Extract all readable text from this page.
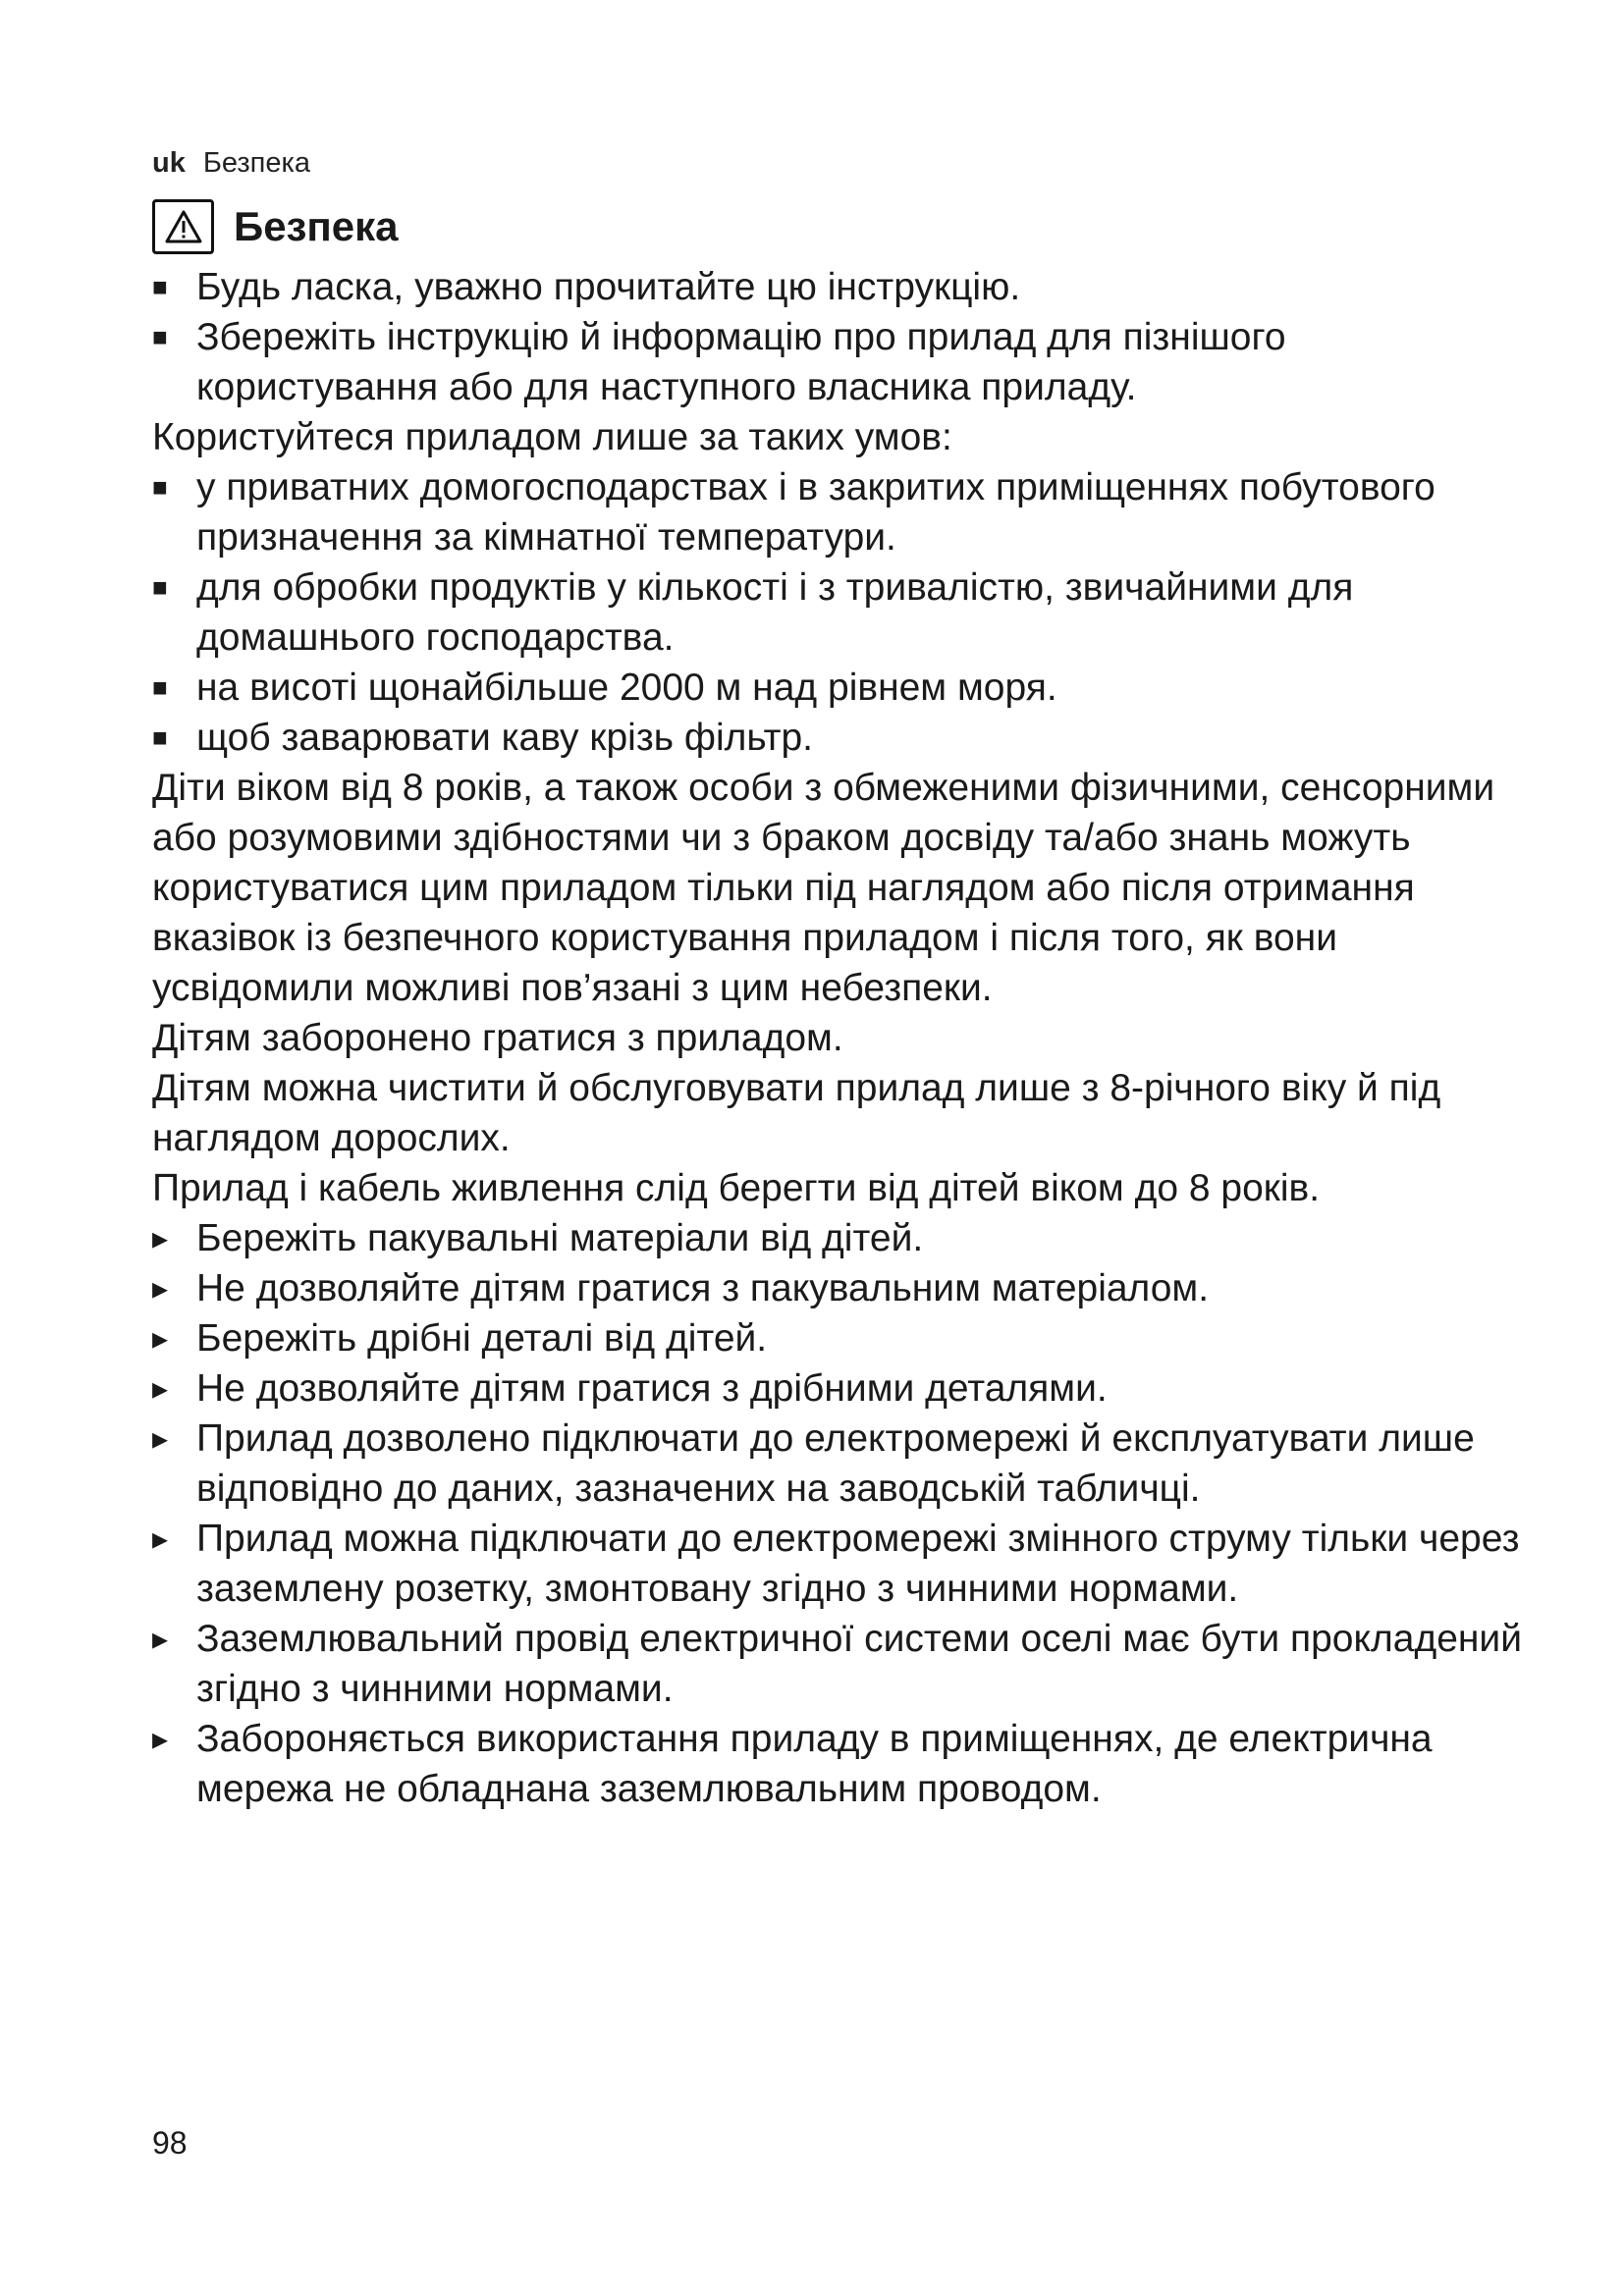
uk Безпека
Безпека
■
Будь ласка, уважно прочитайте цю інструкцію.
■
Збережіть інструкцію й інформацію про прилад для пізнішого користування або для наступного власника приладу.

Користуйтеся приладом лише за таких умов:

■
у приватних домогосподарствах і в закритих приміщеннях побутового призначення за кімнатної температури.
■
для обробки продуктів у кількості і з тривалістю, звичайними для домашнього господарства.
■
на висоті щонайбільше 2000 м над рівнем моря.
■
щоб заварювати каву крізь фільтр.

Діти віком від 8 років, а також особи з обмеженими фізичними, сенсорними або розумовими здібностями чи з браком досвіду та/або знань можуть користуватися цим приладом тільки під наглядом або після отримання вказівок із безпечного користування приладом і після того, як вони усвідомили можливі пов’язані з цим небезпеки.

Дітям заборонено гратися з приладом.

Дітям можна чистити й обслуговувати прилад лише з 8-річного віку й під наглядом дорослих.

Прилад і кабель живлення слід берегти від дітей віком до 8 років.

▸
Бережіть пакувальні матеріали від дітей.
▸
Не дозволяйте дітям гратися з пакувальним матеріалом.
▸
Бережіть дрібні деталі від дітей.
▸
Не дозволяйте дітям гратися з дрібними деталями.
▸
Прилад дозволено підключати до електромережі й експлуатувати лише відповідно до даних, зазначених на заводській табличці.
▸
Прилад можна підключати до електромережі змінного струму тільки через заземлену розетку, змонтовану згідно з чинними нормами.
▸
Заземлювальний провід електричної системи оселі має бути прокладений згідно з чинними нормами.
▸
Забороняється використання приладу в приміщеннях, де електрична мережа не обладнана заземлювальним проводом.
98
